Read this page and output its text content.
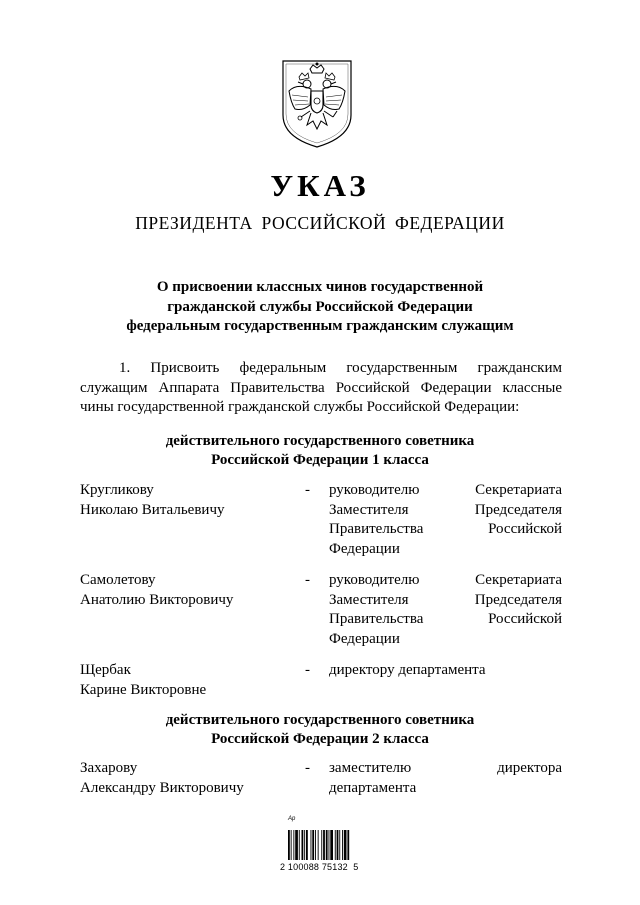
УКАЗ
ПРЕЗИДЕНТА РОССИЙСКОЙ ФЕДЕРАЦИИ
О присвоении классных чинов государственной
гражданской службы Российской Федерации
федеральным государственным гражданским служащим
1. Присвоить федеральным государственным гражданским
служащим Аппарата Правительства Российской Федерации классные
чины государственной гражданской службы Российской Федерации:
действительного государственного советника
Российской Федерации 1 класса
Кругликову
Николаю Витальевичу
-	руководителю Секретариата
Заместителя Председателя
Правительства Российской
Федерации
Самолетову
Анатолию Викторовичу
-	руководителю Секретариата
Заместителя Председателя
Правительства Российской
Федерации
Щербак
Карине Викторовне
-	директору департамента
действительного государственного советника
Российской Федерации 2 класса
Захарову
Александру Викторовичу
-	заместителю директора
департамента
Ар
2 100088 75132  5
